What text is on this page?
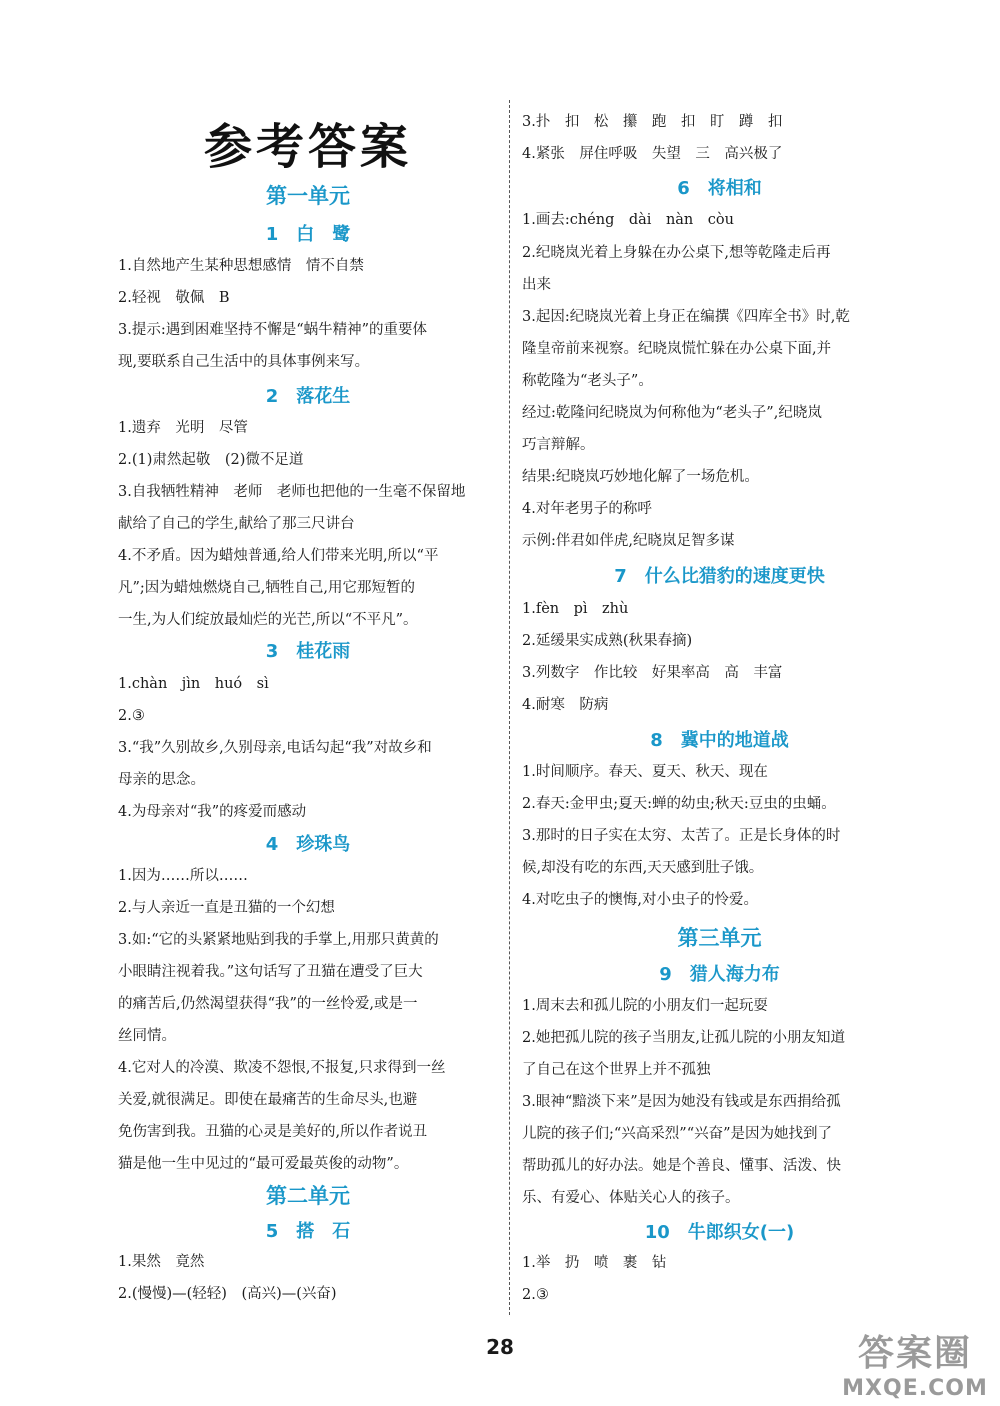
参考答案
第一单元
1　白　鹭
1.自然地产生某种思想感情　情不自禁
2.轻视　敬佩　B
3.提示:遇到困难坚持不懈是“蜗牛精神”的重要体
现,要联系自己生活中的具体事例来写。
2　落花生
1.遗弃　光明　尽管
2.(1)肃然起敬　(2)微不足道
3.自我牺牲精神　老师　老师也把他的一生毫不保留地
献给了自己的学生,献给了那三尺讲台
4.不矛盾。因为蜡烛普通,给人们带来光明,所以“平
凡”;因为蜡烛燃烧自己,牺牲自己,用它那短暂的
一生,为人们绽放最灿烂的光芒,所以“不平凡”。
3　桂花雨
1.chàn　jìn　huó　sì
2.③
3.“我”久别故乡,久别母亲,电话勾起“我”对故乡和
母亲的思念。
4.为母亲对“我”的疼爱而感动
4　珍珠鸟
1.因为……所以……
2.与人亲近一直是丑猫的一个幻想
3.如:“它的头紧紧地贴到我的手掌上,用那只黄黄的
小眼睛注视着我。”这句话写了丑猫在遭受了巨大
的痛苦后,仍然渴望获得“我”的一丝怜爱,或是一
丝同情。
4.它对人的冷漠、欺凌不怨恨,不报复,只求得到一丝
关爱,就很满足。即使在最痛苦的生命尽头,也避
免伤害到我。丑猫的心灵是美好的,所以作者说丑
猫是他一生中见过的“最可爱最英俊的动物”。
第二单元
5　搭　石
1.果然　竟然
2.(慢慢)—(轻轻)　(高兴)—(兴奋)
3.扑　扣　松　攥　跑　扣　盯　蹲　扣
4.紧张　屏住呼吸　失望　三　高兴极了
6　将相和
1.画去:chéng　dài　nàn　còu
2.纪晓岚光着上身躲在办公桌下,想等乾隆走后再
出来
3.起因:纪晓岚光着上身正在编撰《四库全书》时,乾
隆皇帝前来视察。纪晓岚慌忙躲在办公桌下面,并
称乾隆为“老头子”。
经过:乾隆问纪晓岚为何称他为“老头子”,纪晓岚
巧言辩解。
结果:纪晓岚巧妙地化解了一场危机。
4.对年老男子的称呼
示例:伴君如伴虎,纪晓岚足智多谋
7　什么比猎豹的速度更快
1.fèn　pì　zhù
2.延缓果实成熟(秋果春摘)
3.列数字　作比较　好果率高　高　丰富
4.耐寒　防病
8　冀中的地道战
1.时间顺序。春天、夏天、秋天、现在
2.春天:金甲虫;夏天:蝉的幼虫;秋天:豆虫的虫蛹。
3.那时的日子实在太穷、太苦了。正是长身体的时
候,却没有吃的东西,天天感到肚子饿。
4.对吃虫子的懊悔,对小虫子的怜爱。
第三单元
9　猎人海力布
1.周末去和孤儿院的小朋友们一起玩耍
2.她把孤儿院的孩子当朋友,让孤儿院的小朋友知道
了自己在这个世界上并不孤独
3.眼神“黯淡下来”是因为她没有钱或是东西捐给孤
儿院的孩子们;“兴高采烈”“兴奋”是因为她找到了
帮助孤儿的好办法。她是个善良、懂事、活泼、快
乐、有爱心、体贴关心人的孩子。
10　牛郎织女(一)
1.举　扔　喷　裹　钻
2.③
28	答案圈
MXQE.COM
